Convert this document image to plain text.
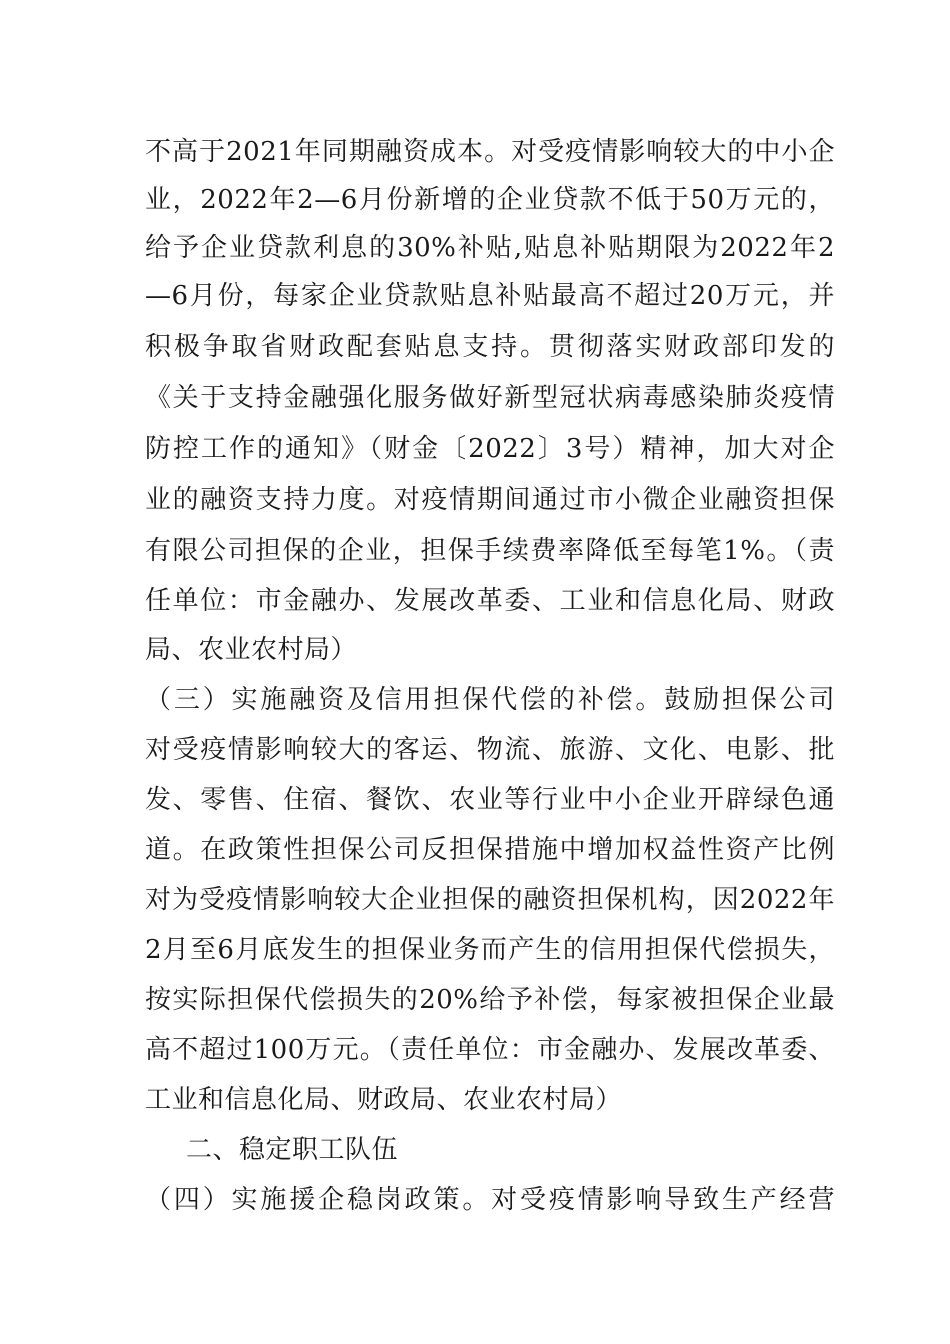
不高于2021年同期融资成本。对受疫情影响较大的中小企
业，2022年2—6月份新增的企业贷款不低于50万元的，
给予企业贷款利息的30%补贴,贴息补贴期限为2022年2
—6月份，每家企业贷款贴息补贴最高不超过20万元，并
积极争取省财政配套贴息支持。贯彻落实财政部印发的
《关于支持金融强化服务做好新型冠状病毒感染肺炎疫情
防控工作的通知》（财金〔2022〕3号）精神，加大对企
业的融资支持力度。对疫情期间通过市小微企业融资担保
有限公司担保的企业，担保手续费率降低至每笔1%。（责
任单位：市金融办、发展改革委、工业和信息化局、财政
局、农业农村局）
（三）实施融资及信用担保代偿的补偿。鼓励担保公司
对受疫情影响较大的客运、物流、旅游、文化、电影、批
发、零售、住宿、餐饮、农业等行业中小企业开辟绿色通
道。在政策性担保公司反担保措施中增加权益性资产比例
对为受疫情影响较大企业担保的融资担保机构，因2022年
2月至6月底发生的担保业务而产生的信用担保代偿损失，
按实际担保代偿损失的20%给予补偿，每家被担保企业最
高不超过100万元。（责任单位：市金融办、发展改革委、
工业和信息化局、财政局、农业农村局）
二、稳定职工队伍
（四）实施援企稳岗政策。对受疫情影响导致生产经营
